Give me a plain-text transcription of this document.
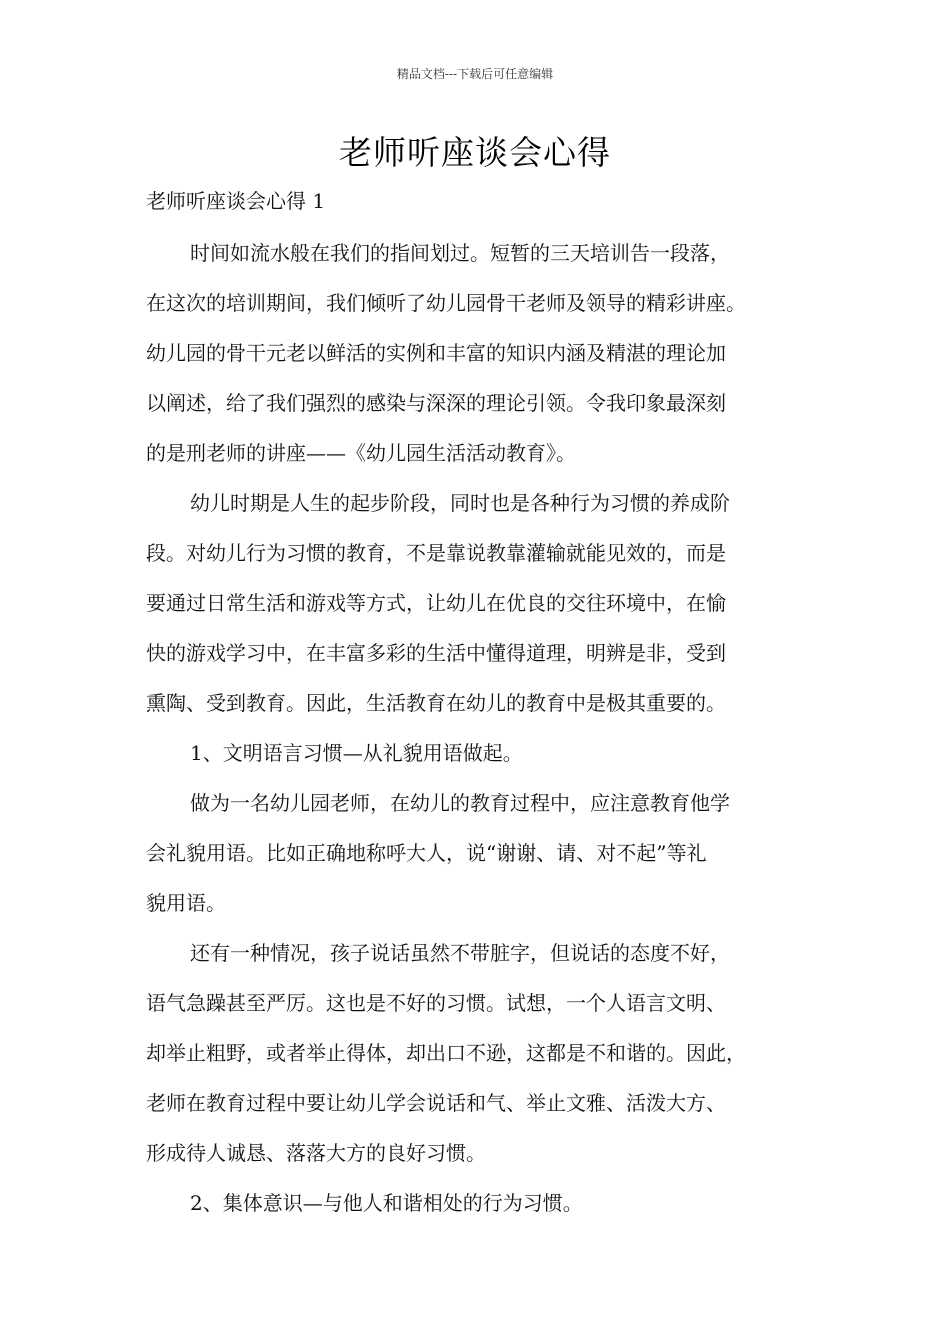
精品文档---下载后可任意编辑
老师听座谈会心得
老师听座谈会心得 1
时间如流水般在我们的指间划过。短暂的三天培训告一段落，
在这次的培训期间，我们倾听了幼儿园骨干老师及领导的精彩讲座。
幼儿园的骨干元老以鲜活的实例和丰富的知识内涵及精湛的理论加
以阐述，给了我们强烈的感染与深深的理论引领。令我印象最深刻
的是刑老师的讲座——《幼儿园生活活动教育》。
幼儿时期是人生的起步阶段，同时也是各种行为习惯的养成阶
段。对幼儿行为习惯的教育，不是靠说教靠灌输就能见效的，而是
要通过日常生活和游戏等方式，让幼儿在优良的交往环境中，在愉
快的游戏学习中，在丰富多彩的生活中懂得道理，明辨是非，受到
熏陶、受到教育。因此，生活教育在幼儿的教育中是极其重要的。
1、文明语言习惯—从礼貌用语做起。
做为一名幼儿园老师，在幼儿的教育过程中，应注意教育他学
会礼貌用语。比如正确地称呼大人，说“谢谢、请、对不起”等礼
貌用语。
还有一种情况，孩子说话虽然不带脏字，但说话的态度不好，
语气急躁甚至严厉。这也是不好的习惯。试想，一个人语言文明、
却举止粗野，或者举止得体，却出口不逊，这都是不和谐的。因此，
老师在教育过程中要让幼儿学会说话和气、举止文雅、活泼大方、
形成待人诚恳、落落大方的良好习惯。
2、集体意识—与他人和谐相处的行为习惯。
